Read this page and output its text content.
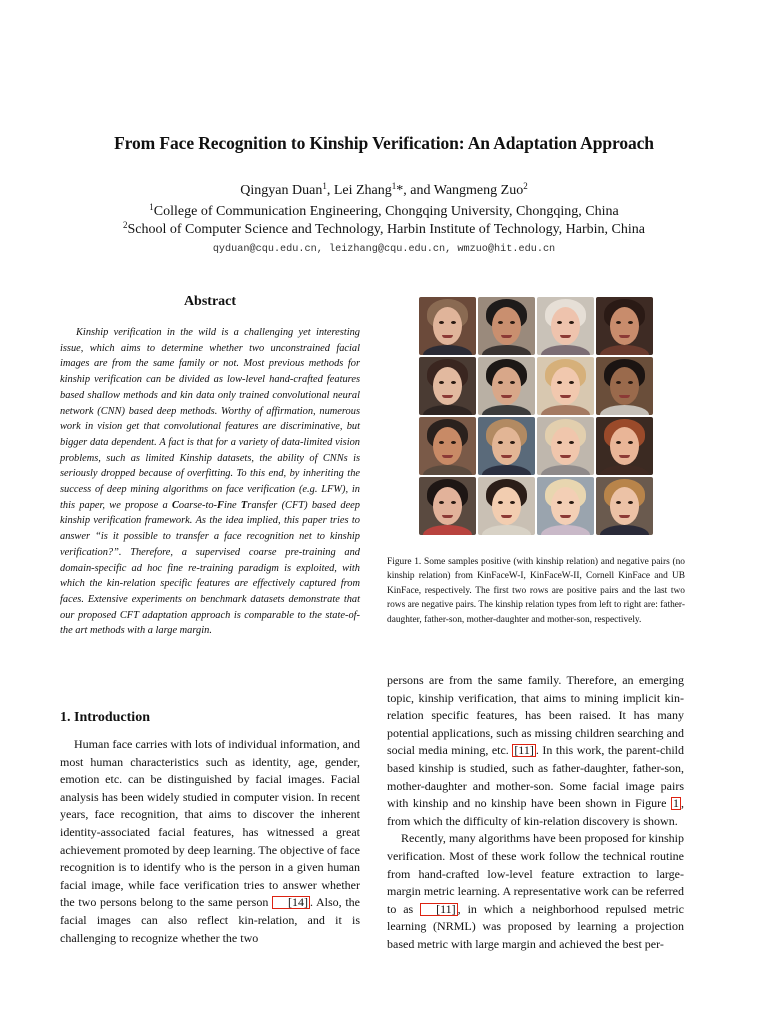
From Face Recognition to Kinship Verification: An Adaptation Approach
Qingyan Duan$^1$, Lei Zhang$^1$*, and Wangmeng Zuo$^2$
$^1$College of Communication Engineering, Chongqing University, Chongqing, China
$^2$School of Computer Science and Technology, Harbin Institute of Technology, Harbin, China
qyduan@cqu.edu.cn, leizhang@cqu.edu.cn, wmzuo@hit.edu.cn
Abstract
Kinship verification in the wild is a challenging yet interesting issue, which aims to determine whether two unconstrained facial images are from the same family or not. Most previous methods for kinship verification can be divided as low-level hand-crafted features based shallow methods and kin data only trained convolutional neural network (CNN) based deep methods. Worthy of affirmation, numerous work in vision get that convolutional features are discriminative, but bigger data dependent. A fact is that for a variety of data-limited vision problems, such as limited Kinship datasets, the ability of CNNs is seriously dropped because of overfitting. To this end, by inheriting the success of deep mining algorithms on face verification (e.g. LFW), in this paper, we propose a Coarse-to-Fine Transfer (CFT) based deep kinship verification framework. As the idea implied, this paper tries to answer “is it possible to transfer a face recognition net to kinship verification?”. Therefore, a supervised coarse pre-training and domain-specific ad hoc fine re-training paradigm is exploited, with which the kin-relation specific features are effectively captured from faces. Extensive experiments on benchmark datasets demonstrate that our proposed CFT adaptation approach is comparable to the state-of-the art methods with a large margin.
1. Introduction

Human face carries with lots of individual information, and most human characteristics such as identity, age, gender, emotion etc. can be distinguished by facial images. Facial analysis has been widely studied in computer vision. In recent years, face recognition, that aims to discover the inherent identity-associated facial features, has witnessed a great achievement promoted by deep learning. The objective of face recognition is to identify who is the person in a given human facial image, while face verification tries to answer whether the two persons belong to the same person [14] . Also, the facial images can also reflect kin-relation, and it is challenging to recognize whether the two

Figure 1. Some samples positive (with kinship relation) and negative pairs (no kinship relation) from KinFaceW-I, KinFaceW-II, Cornell KinFace and UB KinFace, respectively. The first two rows are positive pairs and the last two rows are negative pairs. The kinship relation types from left to right are: father-daughter, father-son, mother-daughter and mother-son, respectively.

persons are from the same family. Therefore, an emerging topic, kinship verification, that aims to mining implicit kin-relation specific features, has been raised. It has many potential applications, such as missing children searching and social media mining, etc. [11] . In this work, the parent-child based kinship is studied, such as father-daughter, father-son, mother-daughter and mother-son. Some facial image pairs with kinship and no kinship have been shown in Figure 1 , from which the difficulty of kin-relation discovery is shown.

Recently, many algorithms have been proposed for kinship verification. Most of these work follow the technical routine from hand-crafted low-level feature extraction to large-margin metric learning. A representative work can be referred to as [11] , in which a neighborhood repulsed metric learning (NRML) was proposed by learning a projection based metric with large margin and achieved the best per-
